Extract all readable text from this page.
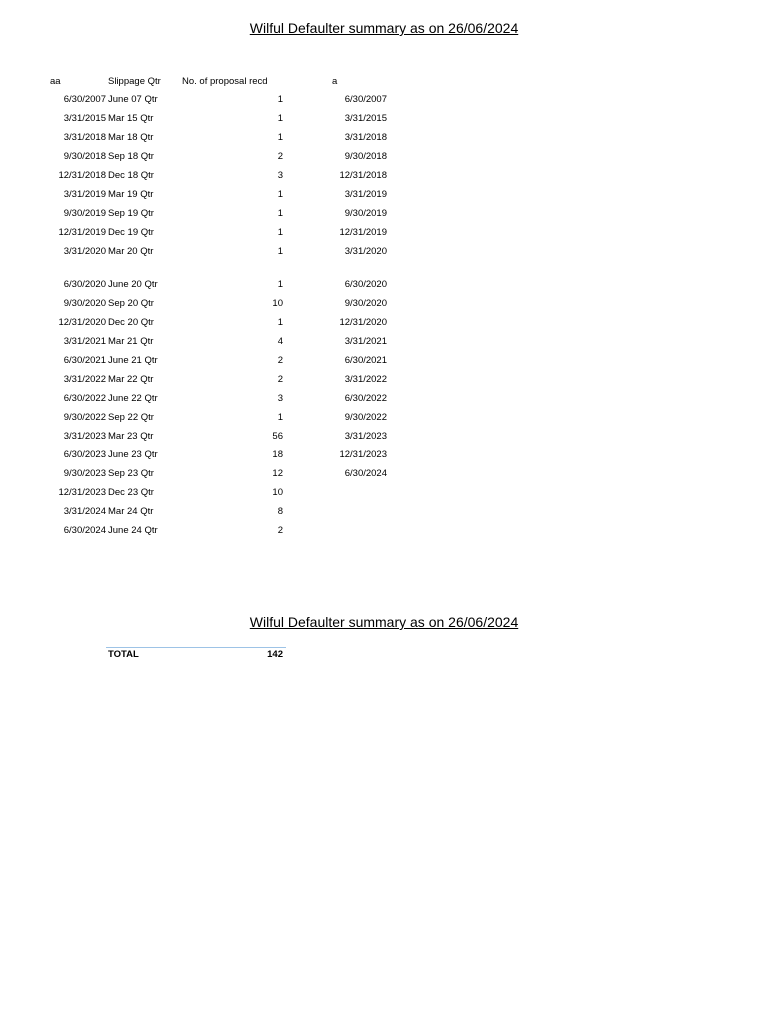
Wilful Defaulter summary as on 26/06/2024
aa	Slippage Qtr No. of proposal recd	a
6/30/2007 June 07 Qtr	1	6/30/2007
3/31/2015 Mar 15 Qtr	1	3/31/2015
3/31/2018 Mar 18 Qtr	1	3/31/2018
9/30/2018 Sep 18 Qtr	2	9/30/2018
12/31/2018 Dec 18 Qtr	3	12/31/2018
3/31/2019 Mar 19 Qtr	1	3/31/2019
9/30/2019 Sep 19 Qtr	1	9/30/2019
12/31/2019 Dec 19 Qtr	1	12/31/2019
3/31/2020 Mar 20 Qtr	1	3/31/2020
6/30/2020 June 20 Qtr	1	6/30/2020
9/30/2020 Sep 20 Qtr	10	9/30/2020
12/31/2020 Dec 20 Qtr	1	12/31/2020
3/31/2021 Mar 21 Qtr	4	3/31/2021
6/30/2021 June 21 Qtr	2	6/30/2021
3/31/2022 Mar 22 Qtr	2	3/31/2022
6/30/2022 June 22 Qtr	3	6/30/2022
9/30/2022 Sep 22 Qtr	1	9/30/2022
3/31/2023 Mar 23 Qtr	56	3/31/2023
6/30/2023 June 23 Qtr	18	12/31/2023
9/30/2023 Sep 23 Qtr	12	6/30/2024
12/31/2023 Dec 23 Qtr	10
3/31/2024 Mar 24 Qtr	8
6/30/2024 June 24 Qtr	2
Wilful Defaulter summary as on 26/06/2024
TOTAL	142
